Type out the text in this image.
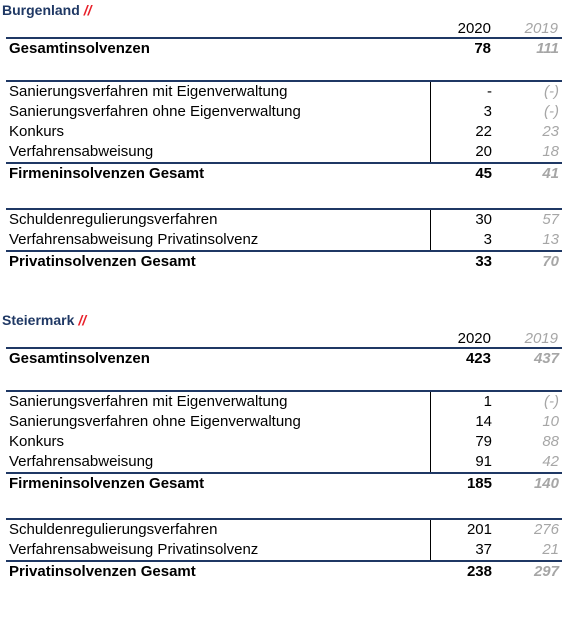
Burgenland //
2020	2019
Gesamtinsolvenzen	78	111
Sanierungsverfahren mit Eigenverwaltung	-	(-)
Sanierungsverfahren ohne Eigenverwaltung	3	(-)
Konkurs	22	23
Verfahrensabweisung	20	18
Firmeninsolvenzen Gesamt	45	41
Schuldenregulierungsverfahren	30	57
Verfahrensabweisung Privatinsolvenz	3	13
Privatinsolvenzen Gesamt	33	70
Steiermark //
2020	2019
Gesamtinsolvenzen	423	437
Sanierungsverfahren mit Eigenverwaltung	1	(-)
Sanierungsverfahren ohne Eigenverwaltung	14	10
Konkurs	79	88
Verfahrensabweisung	91	42
Firmeninsolvenzen Gesamt	185	140
Schuldenregulierungsverfahren	201	276
Verfahrensabweisung Privatinsolvenz	37	21
Privatinsolvenzen Gesamt	238	297
